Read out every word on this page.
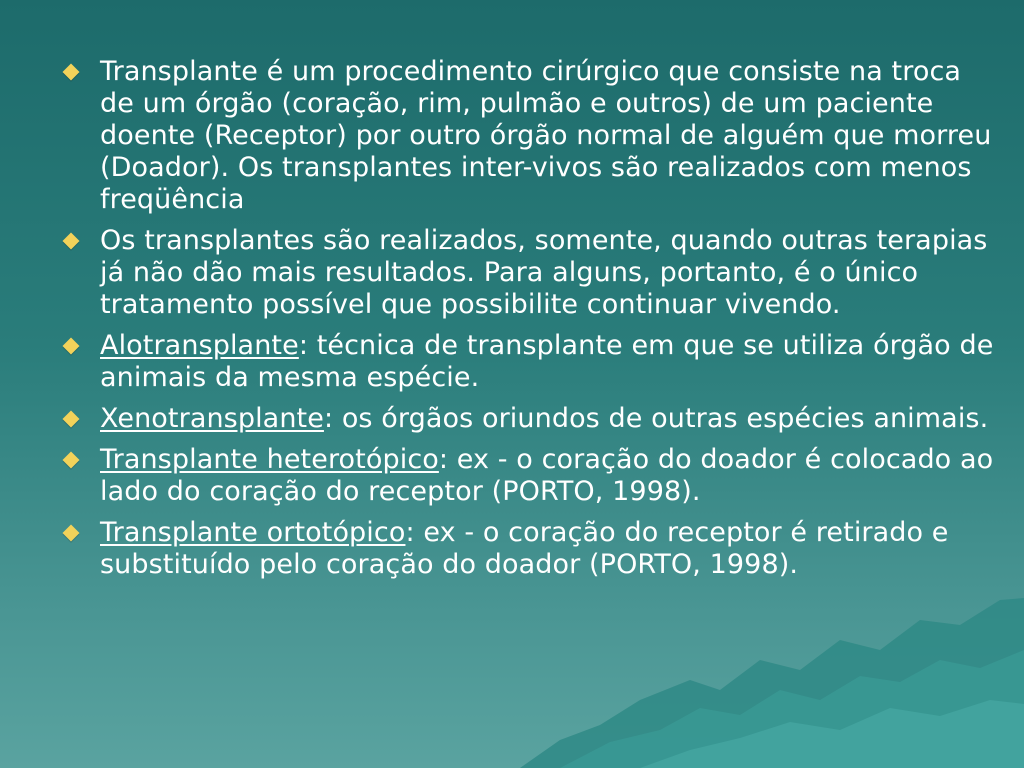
Transplante é um procedimento cirúrgico que consiste na troca de um órgão (coração, rim, pulmão e outros) de um paciente doente (Receptor) por outro órgão normal de alguém que morreu (Doador). Os transplantes inter-vivos são realizados com menos freqüência
Os transplantes são realizados, somente, quando outras terapias já não dão mais resultados. Para alguns, portanto, é o único tratamento possível que possibilite continuar vivendo.
Alotransplante: técnica de transplante em que se utiliza órgão de animais da mesma espécie.
Xenotransplante: os órgãos oriundos de outras espécies animais.
Transplante heterotópico: ex - o coração do doador é colocado ao lado do coração do receptor (PORTO, 1998).
Transplante ortotópico: ex - o coração do receptor é retirado e substituído pelo coração do doador (PORTO, 1998).
